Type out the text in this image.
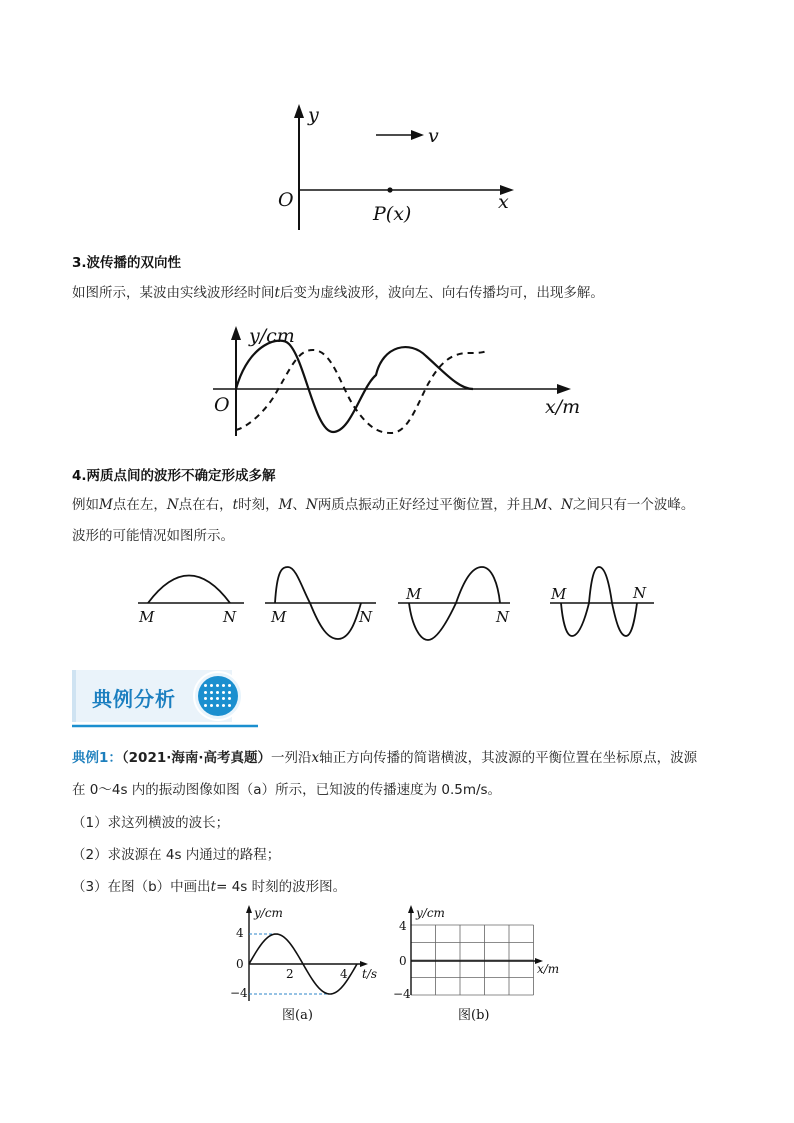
y
v
O
P(x)
x
3.波传播的双向性
如图所示，某波由实线波形经时间t后变为虚线波形，波向左、向右传播均可，出现多解。
y/cm
O	x/m
4.两质点间的波形不确定形成多解
例如M点在左，N点在右，t时刻，M、N两质点振动正好经过平衡位置，并且M、N之间只有一个波峰。
波形的可能情况如图所示。
M	N M	N
M
N
M	N
典例分析
典例1：（2021·海南·高考真题）一列沿x轴正方向传播的简谐横波，其波源的平衡位置在坐标原点，波源
在 0～4s 内的振动图像如图（a）所示，已知波的传播速度为 0.5m/s。
（1）求这列横波的波长；
（2）求波源在 4s 内通过的路程；
（3）在图（b）中画出t= 4s 时刻的波形图。
y/cm
t/s
4
0
−4
2	4
图(a)
y/cm
x/m
4
0
−4
图(b)
